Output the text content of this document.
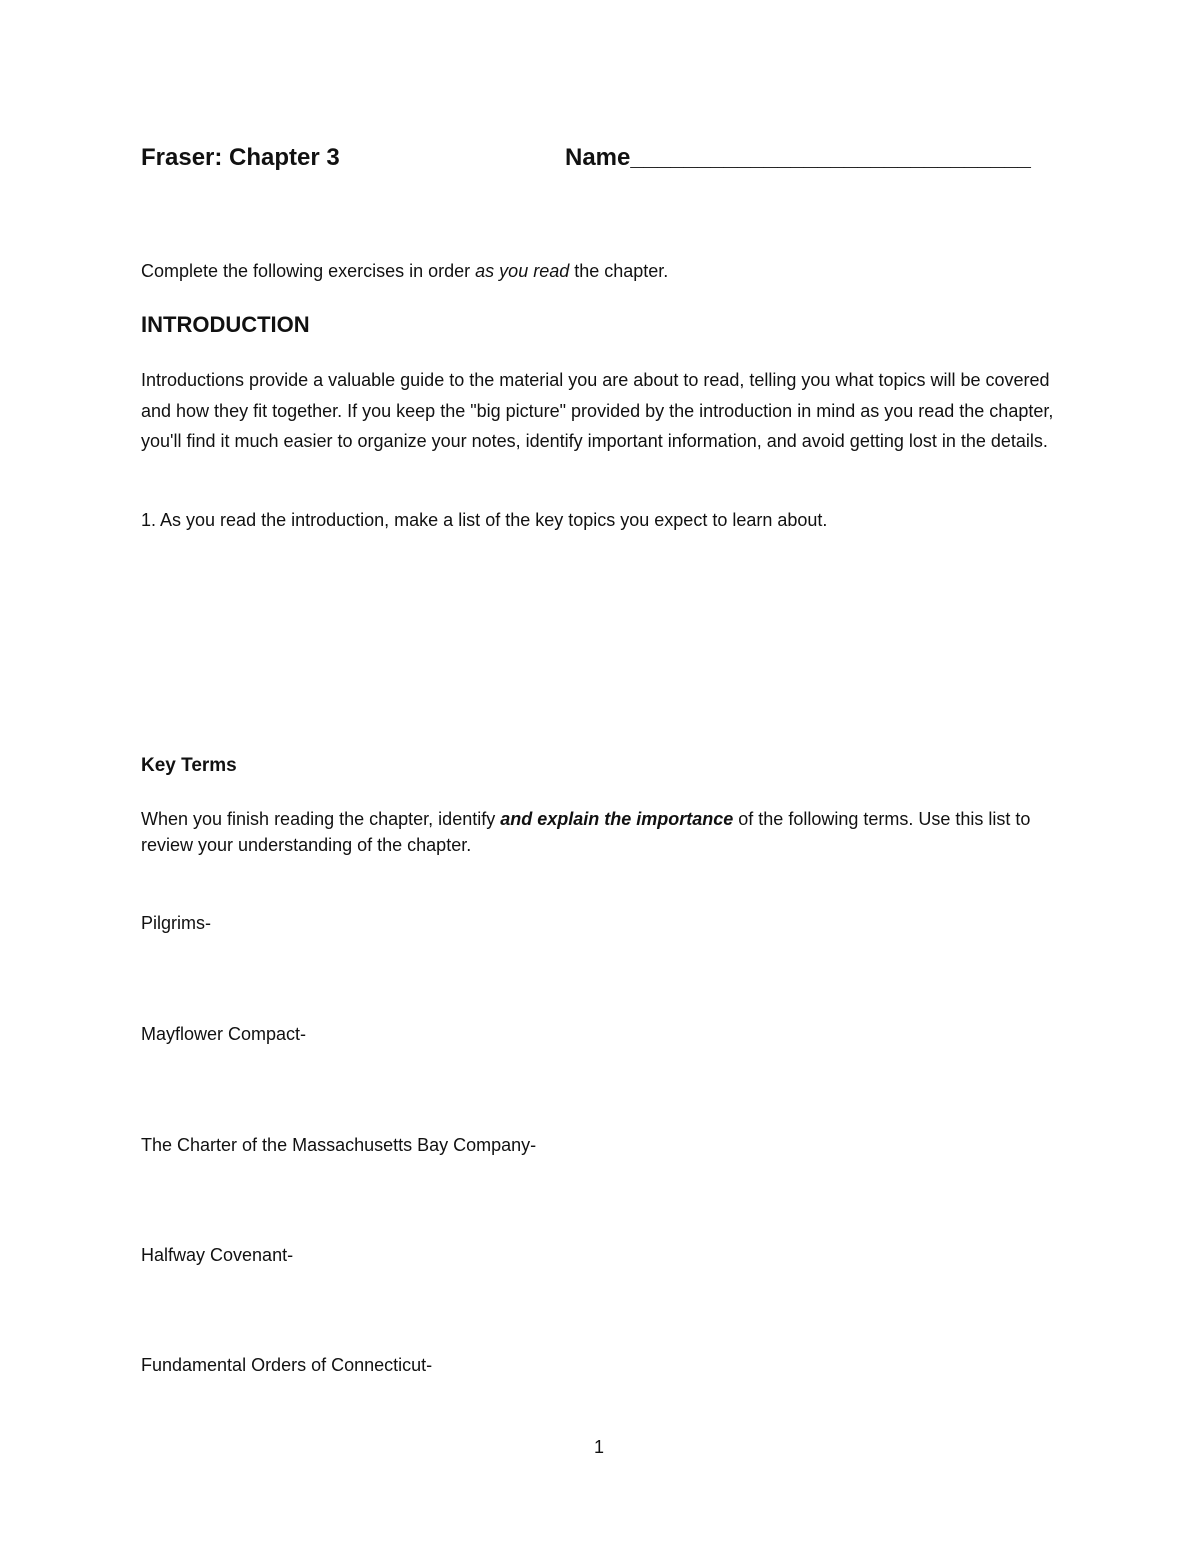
Fraser: Chapter 3	Name______________________________
Complete the following exercises in order as you read the chapter.
INTRODUCTION
Introductions provide a valuable guide to the material you are about to read, telling you what topics will be covered and how they fit together. If you keep the "big picture" provided by the introduction in mind as you read the chapter, you'll find it much easier to organize your notes, identify important information, and avoid getting lost in the details.
1. As you read the introduction, make a list of the key topics you expect to learn about.
Key Terms
When you finish reading the chapter, identify and explain the importance of the following terms. Use this list to review your understanding of the chapter.
Pilgrims-
Mayflower Compact-
The Charter of the Massachusetts Bay Company-
Halfway Covenant-
Fundamental Orders of Connecticut-
1
